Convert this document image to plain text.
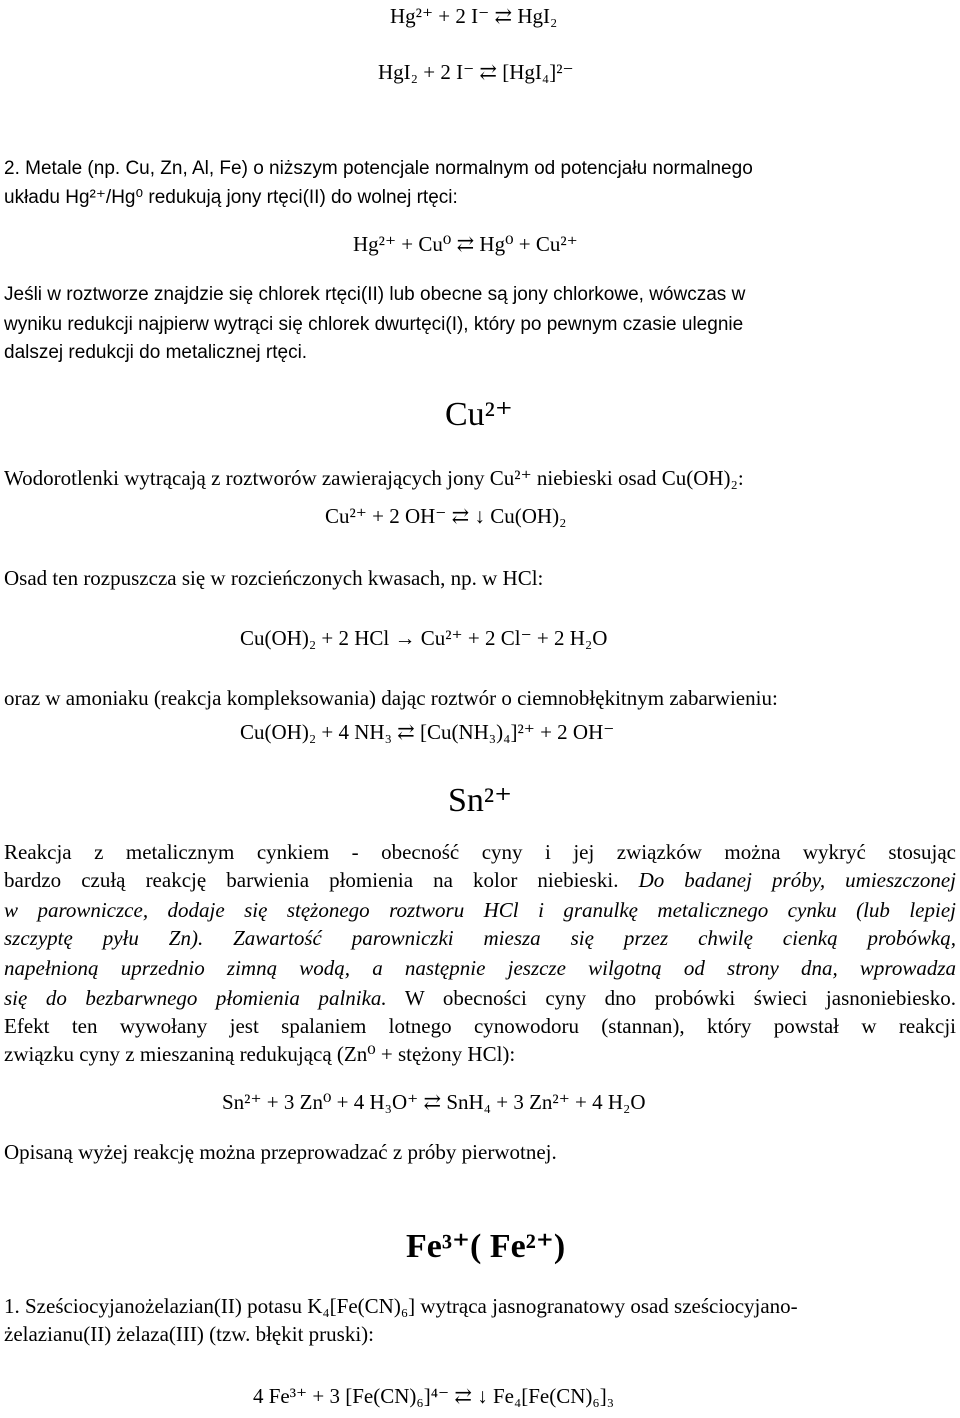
Hg²⁺ + 2 I⁻ ⇄ HgI₂
HgI₂ + 2 I⁻ ⇄ [HgI₄]²⁻
2. Metale (np. Cu, Zn, Al, Fe) o niższym potencjale normalnym od potencjału normalnego
układu Hg²⁺/Hg⁰ redukują jony rtęci(II) do wolnej rtęci:
Hg²⁺ + Cu⁰ ⇄ Hg⁰ + Cu²⁺
Jeśli w roztworze znajdzie się chlorek rtęci(II) lub obecne są jony chlorkowe, wówczas w
wyniku redukcji najpierw wytrąci się chlorek dwurtęci(I), który po pewnym czasie ulegnie
dalszej redukcji do metalicznej rtęci.
Cu²⁺
Wodorotlenki wytrącają z roztworów zawierających jony Cu²⁺ niebieski osad Cu(OH)₂:
Cu²⁺ + 2 OH⁻ ⇄ ↓ Cu(OH)₂
Osad ten rozpuszcza się w rozcieńczonych kwasach, np. w HCl:
Cu(OH)₂ + 2 HCl → Cu²⁺ + 2 Cl⁻ + 2 H₂O
oraz w amoniaku (reakcja kompleksowania) dając roztwór o ciemnobłękitnym zabarwieniu:
Cu(OH)₂ + 4 NH₃ ⇄ [Cu(NH₃)₄]²⁺ + 2 OH⁻
Sn²⁺
Reakcja z metalicznym cynkiem - obecność cyny i jej związków można wykryć stosując
bardzo czułą reakcję barwienia płomienia na kolor niebieski. Do badanej próby, umieszczonej
w parowniczce, dodaje się stężonego roztworu HCl i granulkę metalicznego cynku (lub lepiej
szczyptę pyłu Zn). Zawartość parowniczki miesza się przez chwilę cienką probówką,
napełnioną uprzednio zimną wodą, a następnie jeszcze wilgotną od strony dna, wprowadza
się do bezbarwnego płomienia palnika. W obecności cyny dno probówki świeci jasnoniebiesko.
Efekt ten wywołany jest spalaniem lotnego cynowodoru (stannan), który powstał w reakcji
związku cyny z mieszaniną redukującą (Zn⁰ + stężony HCl):
Sn²⁺ + 3 Zn⁰ + 4 H₃O⁺ ⇄ SnH₄ + 3 Zn²⁺ + 4 H₂O
Opisaną wyżej reakcję można przeprowadzać z próby pierwotnej.
Fe³⁺( Fe²⁺)
1. Sześciocyjanożelazian(II) potasu K₄[Fe(CN)₆] wytrąca jasnogranatowy osad sześciocyjano-
żelazianu(II) żelaza(III) (tzw. błękit pruski):
4 Fe³⁺ + 3 [Fe(CN)₆]⁴⁻ ⇄ ↓ Fe₄[Fe(CN)₆]₃
